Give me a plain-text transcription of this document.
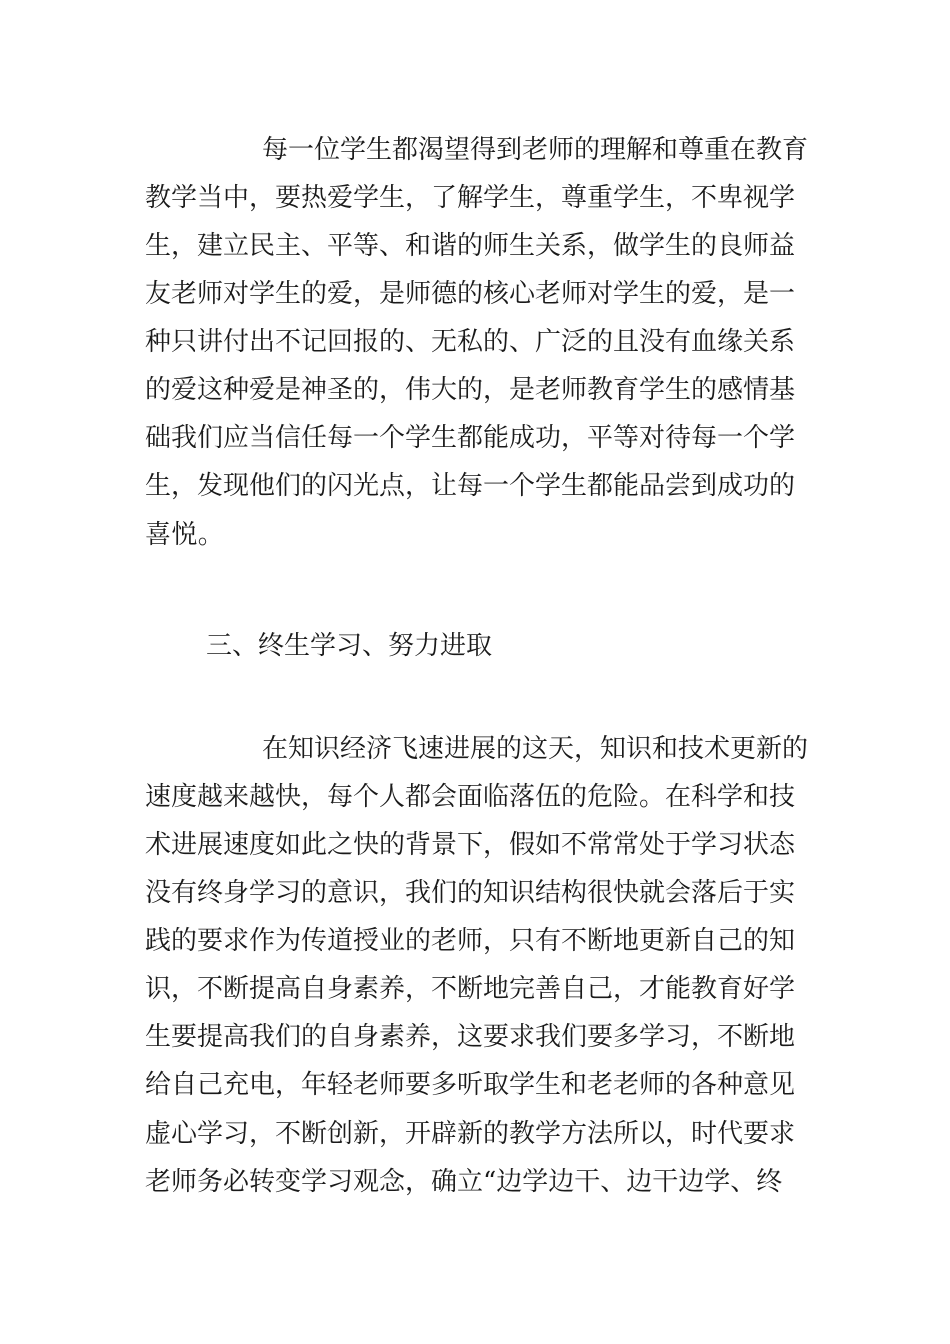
每一位学生都渴望得到老师的理解和尊重在教育
教学当中，要热爱学生，了解学生，尊重学生，不卑视学
生，建立民主、平等、和谐的师生关系，做学生的良师益
友老师对学生的爱，是师德的核心老师对学生的爱，是一
种只讲付出不记回报的、无私的、广泛的且没有血缘关系
的爱这种爱是神圣的，伟大的，是老师教育学生的感情基
础我们应当信任每一个学生都能成功，平等对待每一个学
生，发现他们的闪光点，让每一个学生都能品尝到成功的
喜悦。
三、终生学习、努力进取
在知识经济飞速进展的这天，知识和技术更新的
速度越来越快，每个人都会面临落伍的危险。在科学和技
术进展速度如此之快的背景下，假如不常常处于学习状态
没有终身学习的意识，我们的知识结构很快就会落后于实
践的要求作为传道授业的老师，只有不断地更新自己的知
识，不断提高自身素养，不断地完善自己，才能教育好学
生要提高我们的自身素养，这要求我们要多学习，不断地
给自己充电，年轻老师要多听取学生和老老师的各种意见
虚心学习，不断创新，开辟新的教学方法所以，时代要求
老师务必转变学习观念，确立“边学边干、边干边学、终
